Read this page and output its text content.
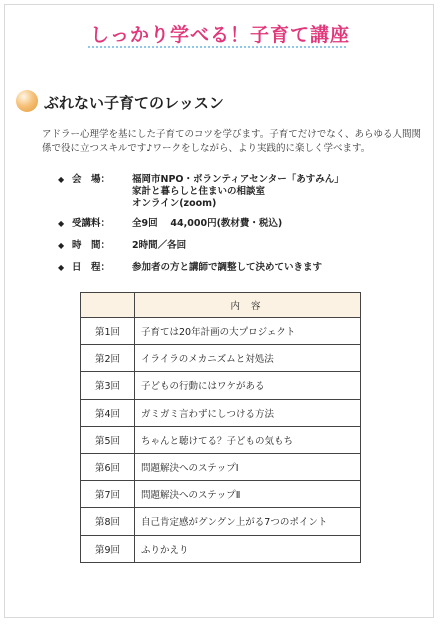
しっかり学べる！子育て講座
ぶれない子育てのレッスン
アドラー心理学を基にした子育てのコツを学びます。子育てだけでなく、あらゆる人間関係で役に立つスキルです♪ワークをしながら、より実践的に楽しく学べます。
◆ 会　場： 福岡市NPO・ボランティアセンター「あすみん」
家計と暮らしと住まいの相談室
オンライン(zoom)
◆ 受講料： 全9回　 44,000円(教材費・税込)
◆ 時　間： 2時間／各回
◆ 日　程： 参加者の方と講師で調整して決めていきます
	内 容
第1回	子育ては20年計画の大プロジェクト
第2回	イライラのメカニズムと対処法
第3回	子どもの行動にはワケがある
第4回	ガミガミ言わずにしつける方法
第5回	ちゃんと聴けてる？子どもの気もち
第6回	問題解決へのステップⅠ
第7回	問題解決へのステップⅡ
第8回	自己肯定感がグングン上がる7つのポイント
第9回	ふりかえり
